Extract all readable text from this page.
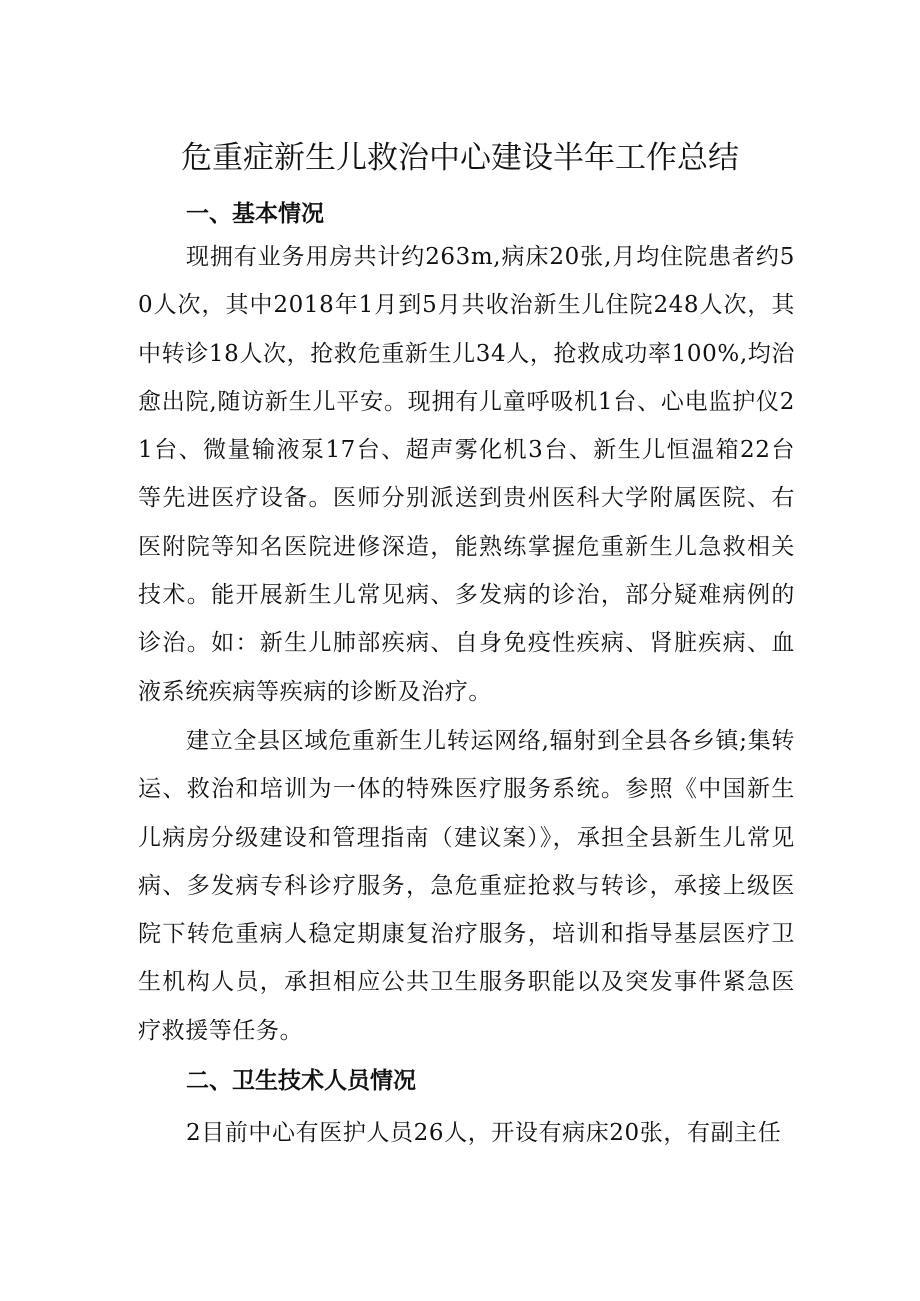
危重症新生儿救治中心建设半年工作总结
一、基本情况

现拥有业务用房共计约263m,病床20张,月均住院患者约50人次，其中2018年1月到5月共收治新生儿住院248人次，其中转诊18人次，抢救危重新生儿34人，抢救成功率100%,均治愈出院,随访新生儿平安。现拥有儿童呼吸机1台、心电监护仪21台、微量输液泵17台、超声雾化机3台、新生儿恒温箱22台等先进医疗设备。医师分别派送到贵州医科大学附属医院、右医附院等知名医院进修深造，能熟练掌握危重新生儿急救相关技术。能开展新生儿常见病、多发病的诊治，部分疑难病例的诊治。如：新生儿肺部疾病、自身免疫性疾病、肾脏疾病、血液系统疾病等疾病的诊断及治疗。

建立全县区域危重新生儿转运网络,辐射到全县各乡镇;集转运、救治和培训为一体的特殊医疗服务系统。参照《中国新生儿病房分级建设和管理指南（建议案）》，承担全县新生儿常见病、多发病专科诊疗服务，急危重症抢救与转诊，承接上级医院下转危重病人稳定期康复治疗服务，培训和指导基层医疗卫生机构人员，承担相应公共卫生服务职能以及突发事件紧急医疗救援等任务。

二、卫生技术人员情况

2目前中心有医护人员26人，开设有病床20张，有副主任
